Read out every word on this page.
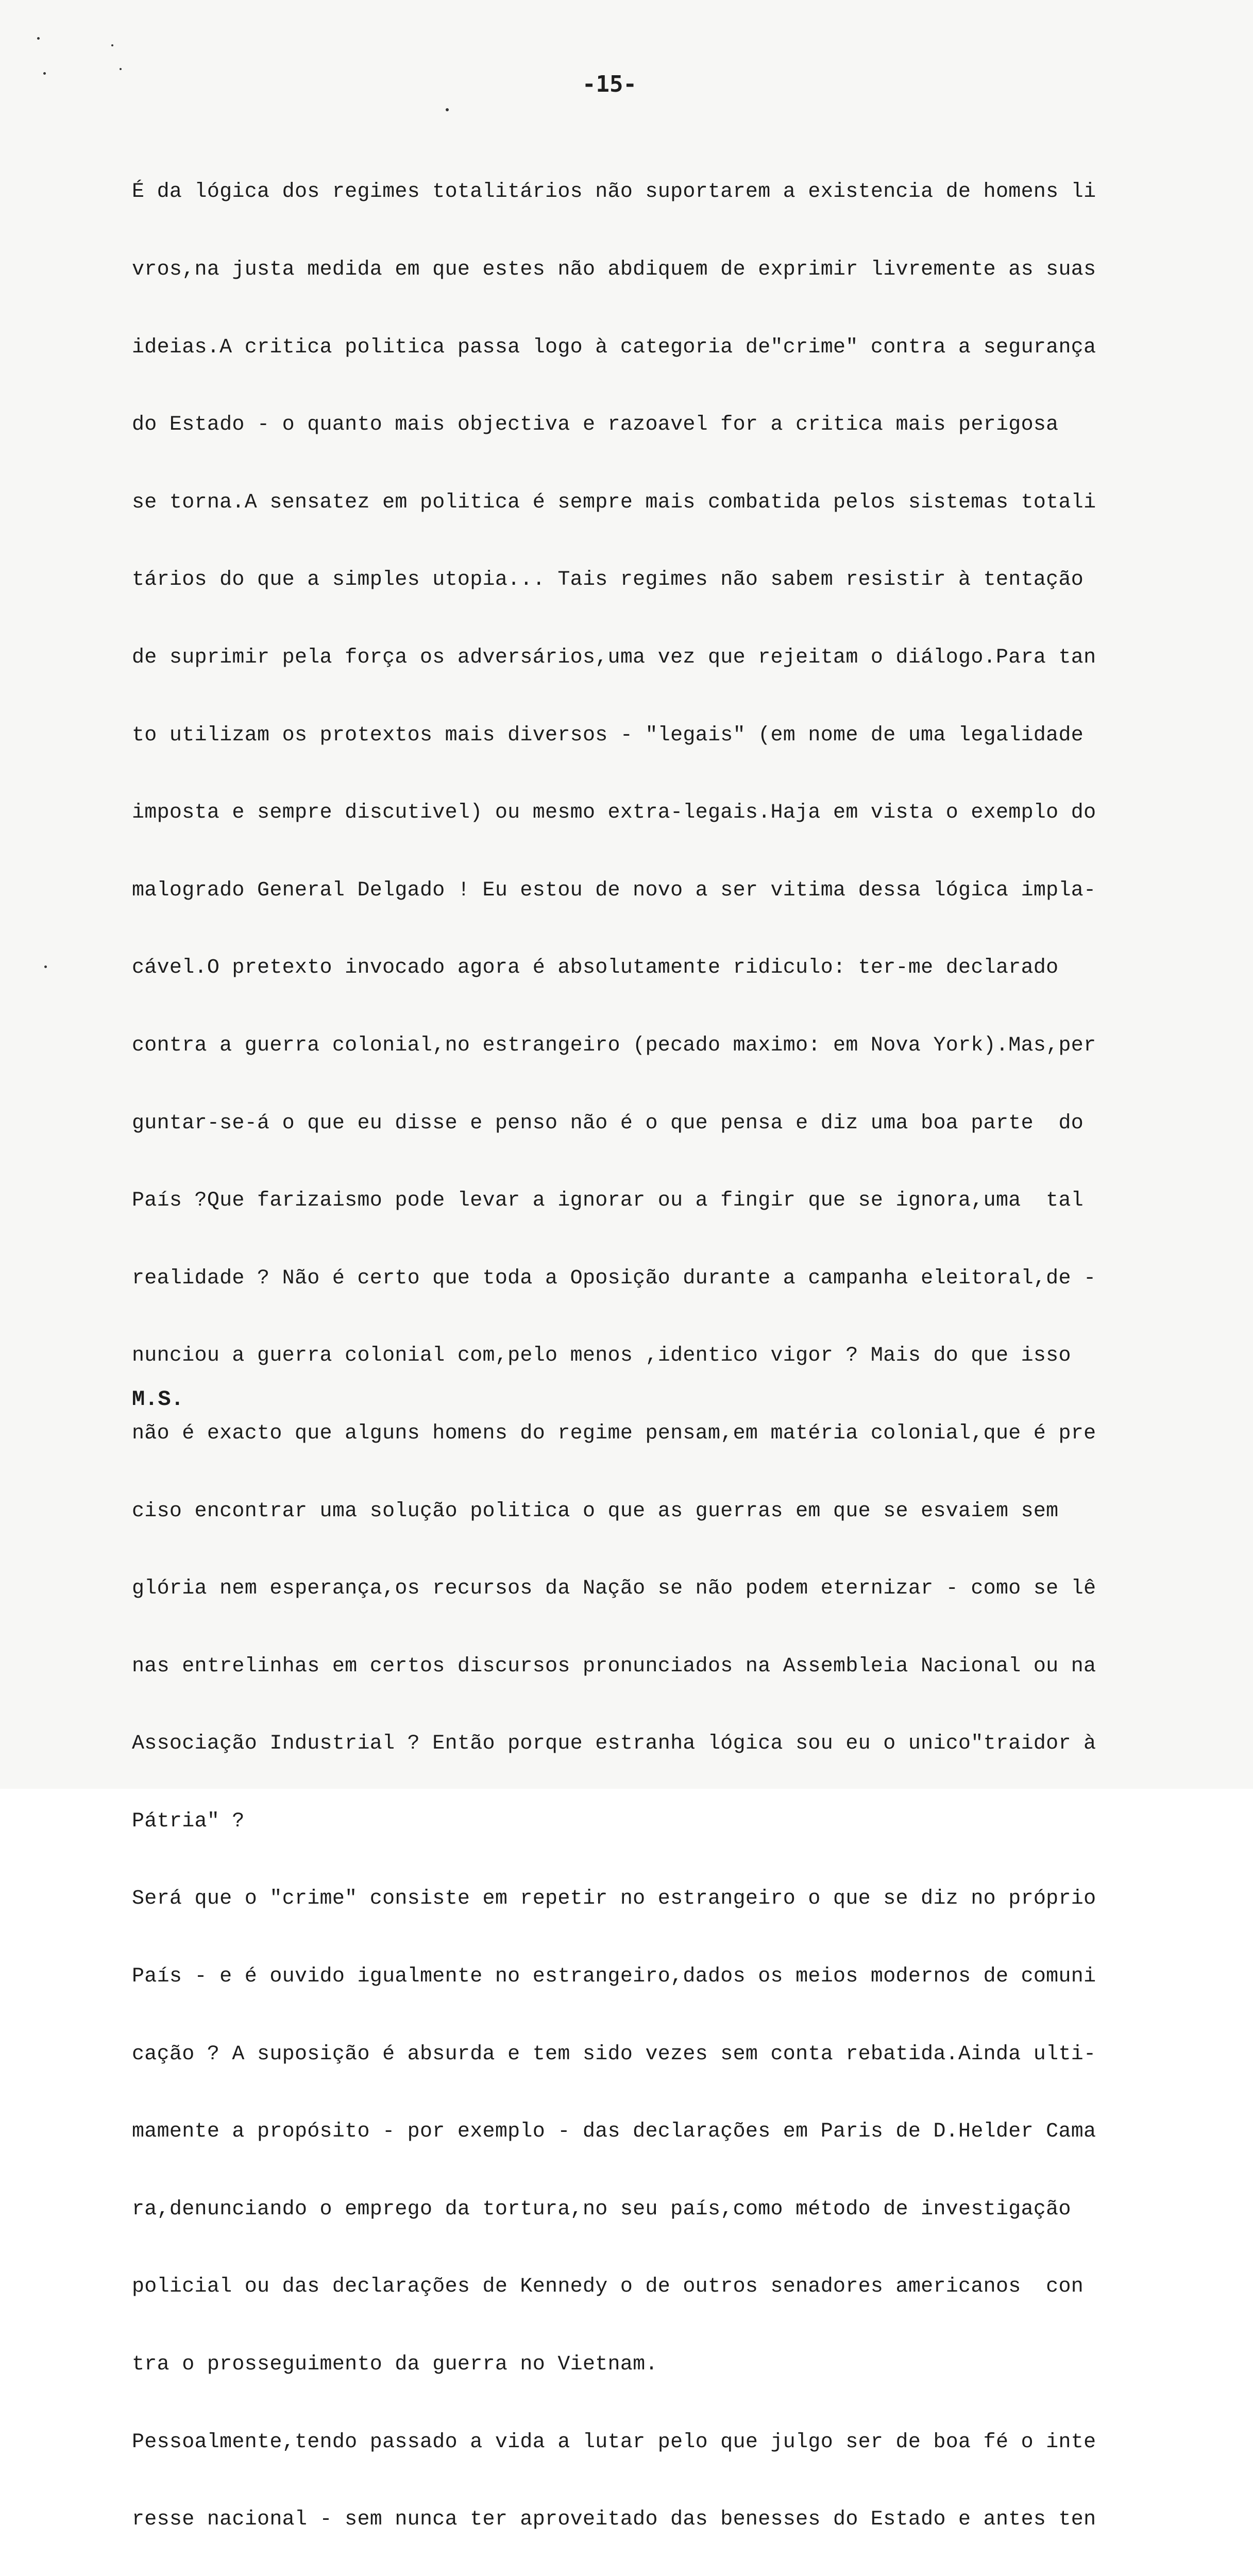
-15-

É da lógica dos regimes totalitários não suportarem a existencia de homens li

vros,na justa medida em que estes não abdiquem de exprimir livremente as suas

ideias.A critica politica passa logo à categoria de"crime" contra a segurança

do Estado - o quanto mais objectiva e razoavel for a critica mais perigosa

se torna.A sensatez em politica é sempre mais combatida pelos sistemas totali

tários do que a simples utopia... Tais regimes não sabem resistir à tentação

de suprimir pela força os adversários,uma vez que rejeitam o diálogo.Para tan

to utilizam os protextos mais diversos - "legais" (em nome de uma legalidade

imposta e sempre discutivel) ou mesmo extra-legais.Haja em vista o exemplo do

malogrado General Delgado ! Eu estou de novo a ser vitima dessa lógica impla-

cável.O pretexto invocado agora é absolutamente ridiculo: ter-me declarado

contra a guerra colonial,no estrangeiro (pecado maximo: em Nova York).Mas,per

guntar-se-á o que eu disse e penso não é o que pensa e diz uma boa parte  do

País ?Que farizaismo pode levar a ignorar ou a fingir que se ignora,uma  tal

realidade ? Não é certo que toda a Oposição durante a campanha eleitoral,de -

nunciou a guerra colonial com,pelo menos ,identico vigor ? Mais do que isso

não é exacto que alguns homens do regime pensam,em matéria colonial,que é pre

ciso encontrar uma solução politica o que as guerras em que se esvaiem sem

glória nem esperança,os recursos da Nação se não podem eternizar - como se lê

nas entrelinhas em certos discursos pronunciados na Assembleia Nacional ou na

Associação Industrial ? Então porque estranha lógica sou eu o unico"traidor à

Pátria" ?

Será que o "crime" consiste em repetir no estrangeiro o que se diz no próprio

País - e é ouvido igualmente no estrangeiro,dados os meios modernos de comuni

cação ? A suposição é absurda e tem sido vezes sem conta rebatida.Ainda ulti-

mamente a propósito - por exemplo - das declarações em Paris de D.Helder Cama

ra,denunciando o emprego da tortura,no seu país,como método de investigação

policial ou das declarações de Kennedy o de outros senadores americanos  con

tra o prosseguimento da guerra no Vietnam.

Pessoalmente,tendo passado a vida a lutar pelo que julgo ser de boa fé o inte

resse nacional - sem nunca ter aproveitado das benesses do Estado e antes ten

M.S.
